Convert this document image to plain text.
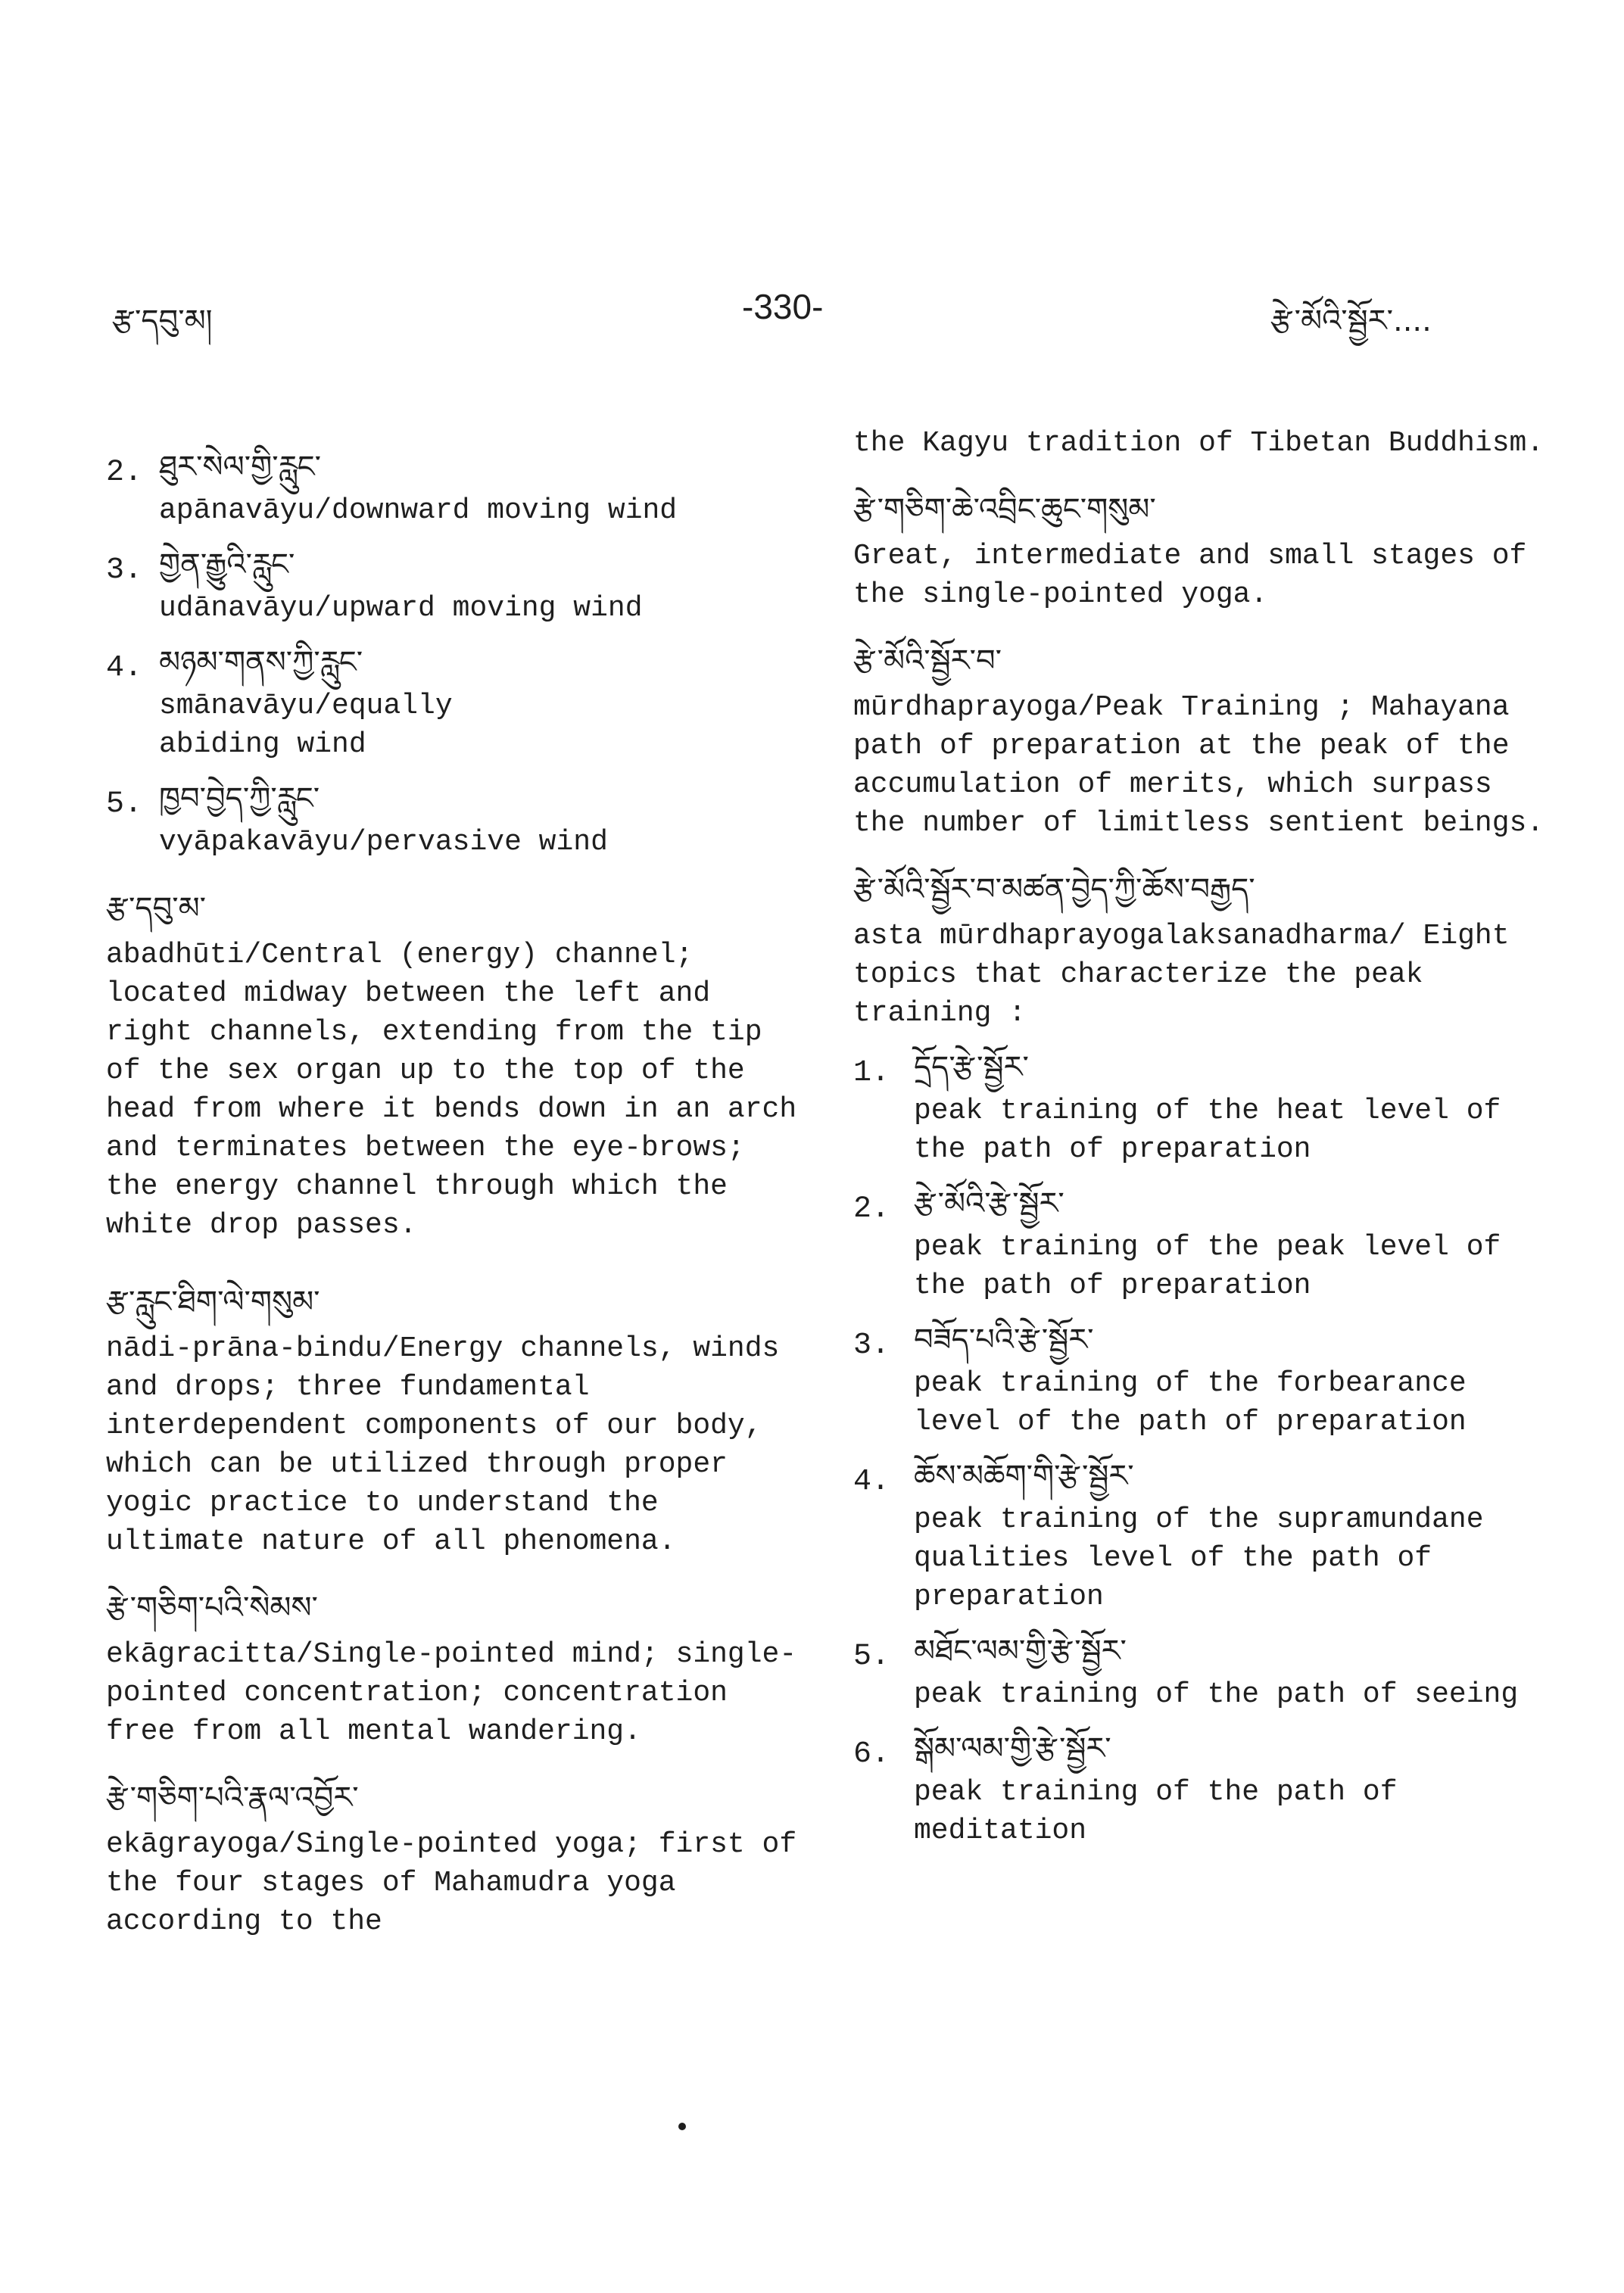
རྩ་དབུ་མ།	-330-	རྩེ་མོའི་སྦྱོར་....
2. ཐུར་སེལ་གྱི་རླུང་
apānavāyu/downward moving wind
3. གྱེན་རྒྱུའི་རླུང་
udānavāyu/upward moving wind
4. མཉམ་གནས་ཀྱི་རླུང་
smānavāyu/equally abiding wind
5. ཁྱབ་བྱེད་ཀྱི་རླུང་
vyāpakavāyu/pervasive wind
རྩ་དབུ་མ་
abadhūti/Central (energy) channel; located midway between the left and right channels, extending from the tip of the sex organ up to the top of the head from where it bends down in an arch and terminates between the eye-brows; the energy channel through which the white drop passes.
རྩ་རླུང་ཐིག་ལེ་གསུམ་
nādi-prāna-bindu/Energy channels, winds and drops; three fundamental interdependent components of our body, which can be utilized through proper yogic practice to understand the ultimate nature of all phenomena.
རྩེ་གཅིག་པའི་སེམས་
ekāgracitta/Single-pointed mind; single-pointed concentration; concentration free from all mental wandering.
རྩེ་གཅིག་པའི་རྣལ་འབྱོར་
ekāgrayoga/Single-pointed yoga; first of the four stages of Mahamudra yoga according to the
the Kagyu tradition of Tibetan Buddhism.
རྩེ་གཅིག་ཆེ་འབྲིང་ཆུང་གསུམ་
Great, intermediate and small stages of the single-pointed yoga.
རྩེ་མོའི་སྦྱོར་བ་
mūrdhaprayoga/Peak Training ; Mahayana path of preparation at the peak of the accumulation of merits, which surpass the number of limitless sentient beings.
རྩེ་མོའི་སྦྱོར་བ་མཚན་བྱེད་ཀྱི་ཆོས་བརྒྱད་
asta mūrdhaprayogalaksanadharma/ Eight topics that characterize the peak training :
1. དྲོད་རྩེ་སྦྱོར་
peak training of the heat level of the path of preparation
2. རྩེ་མོའི་རྩེ་སྦྱོར་
peak training of the peak level of the path of preparation
3. བཟོད་པའི་རྩེ་སྦྱོར་
peak training of the forbearance level of the path of preparation
4. ཆོས་མཆོག་གི་རྩེ་སྦྱོར་
peak training of the supramundane qualities level of the path of preparation
5. མཐོང་ལམ་གྱི་རྩེ་སྦྱོར་
peak training of the path of seeing
6. སྒོམ་ལམ་གྱི་རྩེ་སྦྱོར་
peak training of the path of meditation
